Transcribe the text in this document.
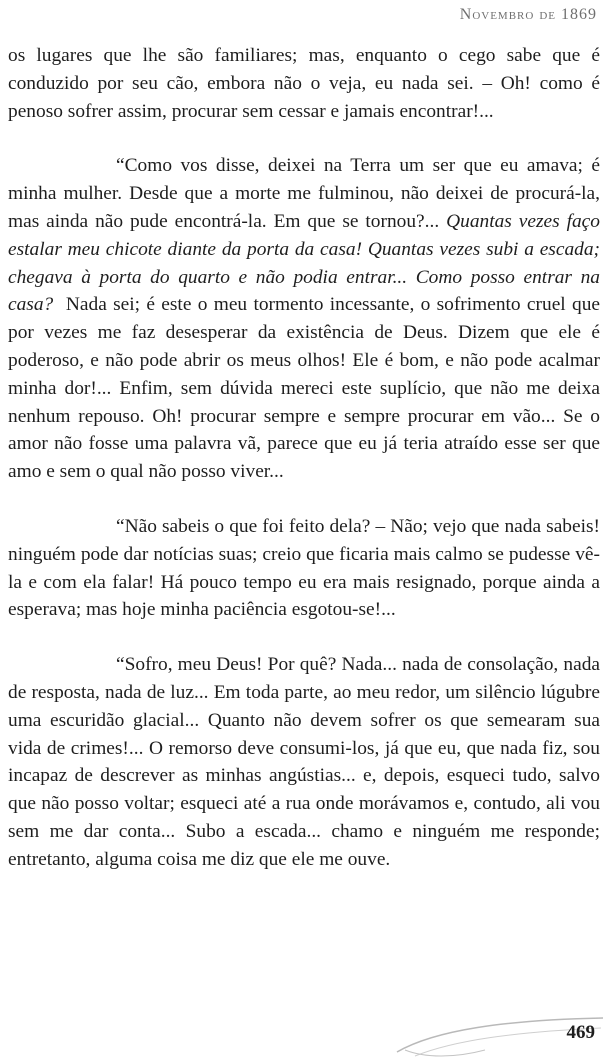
Novembro de 1869

os lugares que lhe são familiares; mas, enquanto o cego sabe que é conduzido por seu cão, embora não o veja, eu nada sei. – Oh! como é penoso sofrer assim, procurar sem cessar e jamais encontrar!...

“Como vos disse, deixei na Terra um ser que eu amava; é minha mulher. Desde que a morte me fulminou, não deixei de procurá-la, mas ainda não pude encontrá-la. Em que se tornou?... Quantas vezes faço estalar meu chicote diante da porta da casa! Quantas vezes subi a escada; chegava à porta do quarto e não podia entrar... Como posso entrar na casa? Nada sei; é este o meu tormento incessante, o sofrimento cruel que por vezes me faz desesperar da existência de Deus. Dizem que ele é poderoso, e não pode abrir os meus olhos! Ele é bom, e não pode acalmar minha dor!... Enfim, sem dúvida mereci este suplício, que não me deixa nenhum repouso. Oh! procurar sempre e sempre procurar em vão... Se o amor não fosse uma palavra vã, parece que eu já teria atraído esse ser que amo e sem o qual não posso viver...

“Não sabeis o que foi feito dela? – Não; vejo que nada sabeis! ninguém pode dar notícias suas; creio que ficaria mais calmo se pudesse vê-la e com ela falar! Há pouco tempo eu era mais resignado, porque ainda a esperava; mas hoje minha paciência esgotou-se!...

“Sofro, meu Deus! Por quê? Nada... nada de consolação, nada de resposta, nada de luz... Em toda parte, ao meu redor, um silêncio lúgubre uma escuridão glacial... Quanto não devem sofrer os que semearam sua vida de crimes!... O remorso deve consumi-los, já que eu, que nada fiz, sou incapaz de descrever as minhas angústias... e, depois, esqueci tudo, salvo que não posso voltar; esqueci até a rua onde morávamos e, contudo, ali vou sem me dar conta... Subo a escada... chamo e ninguém me responde; entretanto, alguma coisa me diz que ele me ouve.

469
